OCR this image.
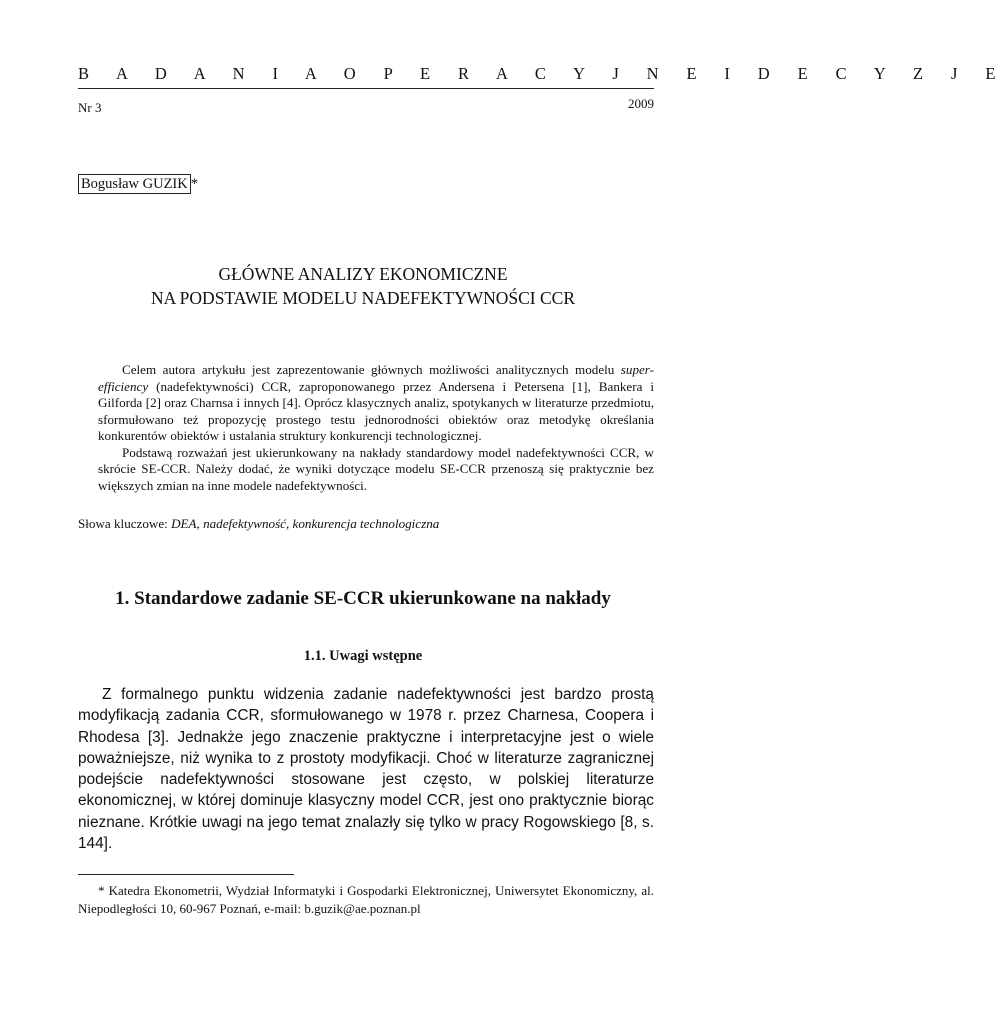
B A D A N I A O P E R A C Y J N E I D E C Y Z J E
Nr 3	2009
Bogusław GUZIK *
GŁÓWNE ANALIZY EKONOMICZNE
NA PODSTAWIE MODELU NADEFEKTYWNOŚCI CCR

Celem autora artykułu jest zaprezentowanie głównych możliwości analitycznych modelu super-efficiency (nadefektywności) CCR, zaproponowanego przez Andersena i Petersena [1], Bankera i Gilforda [2] oraz Charnsa i innych [4]. Oprócz klasycznych analiz, spotykanych w literaturze przedmiotu, sformułowano też propozycję prostego testu jednorodności obiektów oraz metodykę określania konkurentów obiektów i ustalania struktury konkurencji technologicznej.

Podstawą rozważań jest ukierunkowany na nakłady standardowy model nadefektywności CCR, w skrócie SE-CCR. Należy dodać, że wyniki dotyczące modelu SE-CCR przenoszą się praktycznie bez większych zmian na inne modele nadefektywności.

Słowa kluczowe: DEA, nadefektywność, konkurencja technologiczna
1. Standardowe zadanie SE-CCR ukierunkowane na nakłady
1.1. Uwagi wstępne

Z formalnego punktu widzenia zadanie nadefektywności jest bardzo prostą modyfikacją zadania CCR, sformułowanego w 1978 r. przez Charnesa, Coopera i Rhodesa [3]. Jednakże jego znaczenie praktyczne i interpretacyjne jest o wiele poważniejsze, niż wynika to z prostoty modyfikacji. Choć w literaturze zagranicznej podejście nadefektywności stosowane jest często, w polskiej literaturze ekonomicznej, w której dominuje klasyczny model CCR, jest ono praktycznie biorąc nieznane. Krótkie uwagi na jego temat znalazły się tylko w pracy Rogowskiego [8, s. 144].

* Katedra Ekonometrii, Wydział Informatyki i Gospodarki Elektronicznej, Uniwersytet Ekonomiczny, al. Niepodległości 10, 60-967 Poznań, e-mail: b.guzik@ae.poznan.pl
